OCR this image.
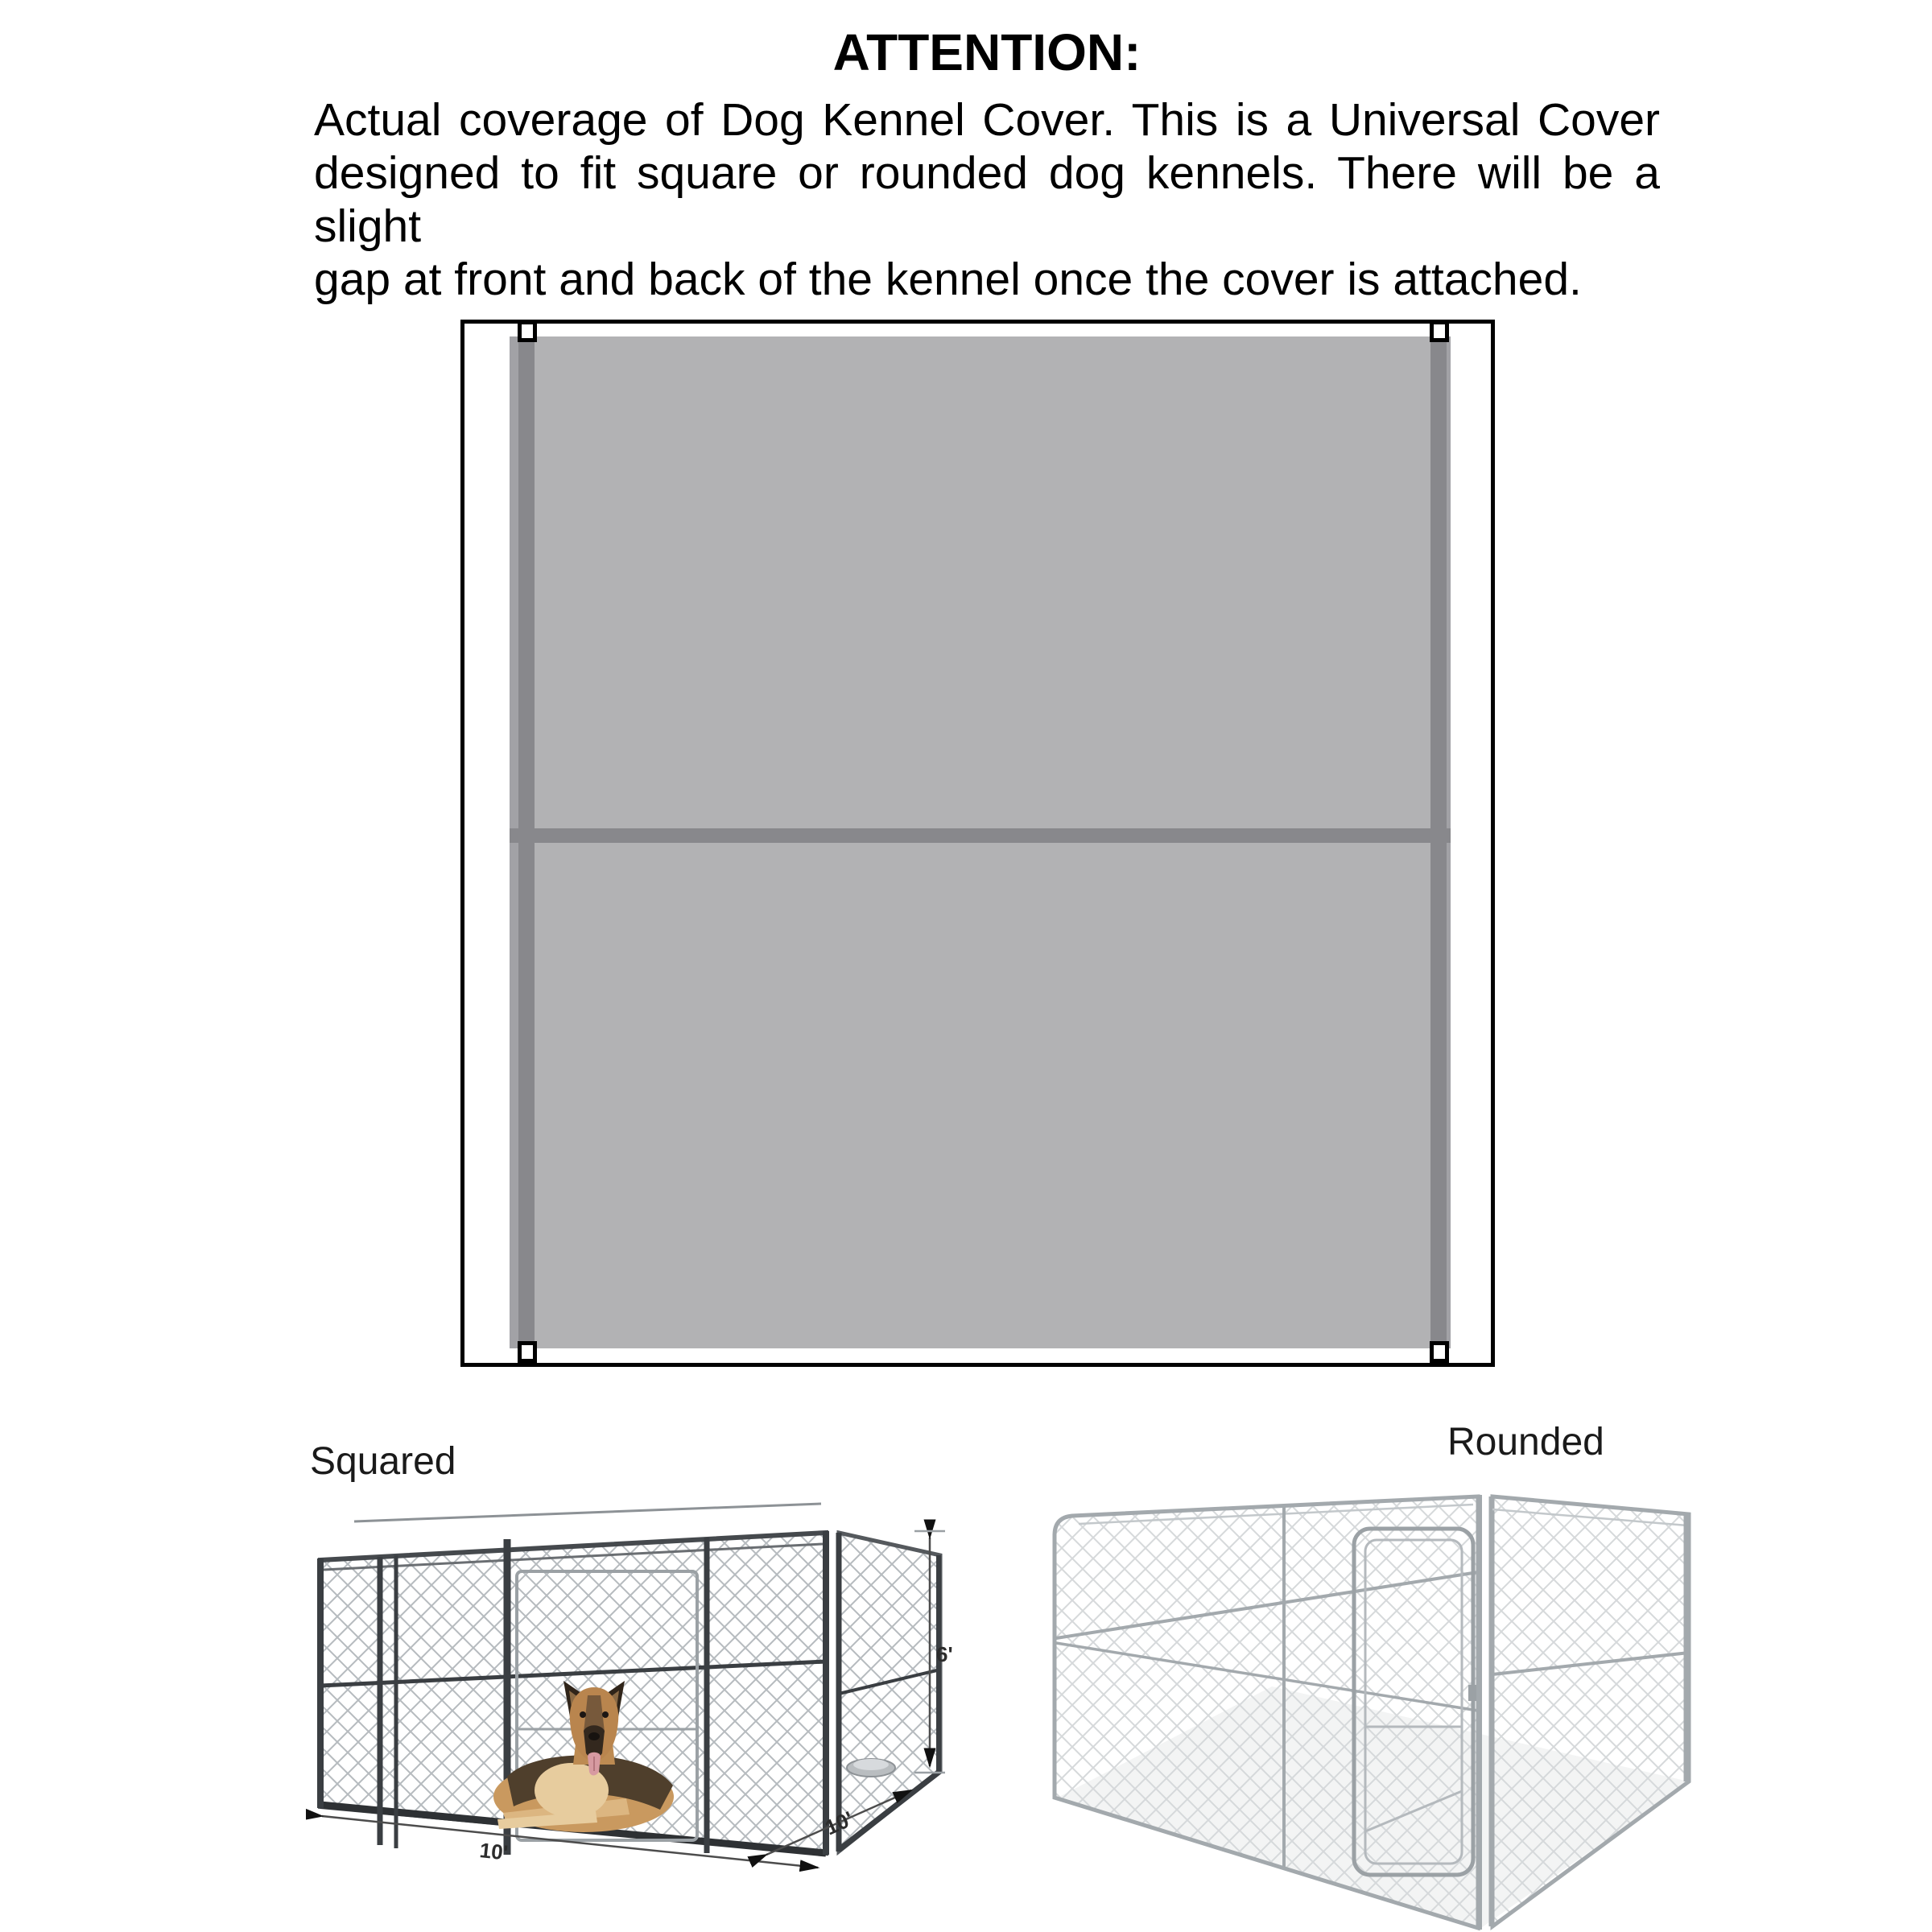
ATTENTION:
Actual coverage of Dog Kennel Cover. This is a Universal Cover
designed to fit square or rounded dog kennels. There will be a slight
gap at front and back of the kennel once the cover is attached.
Squared	Rounded
10'
10'
6'
